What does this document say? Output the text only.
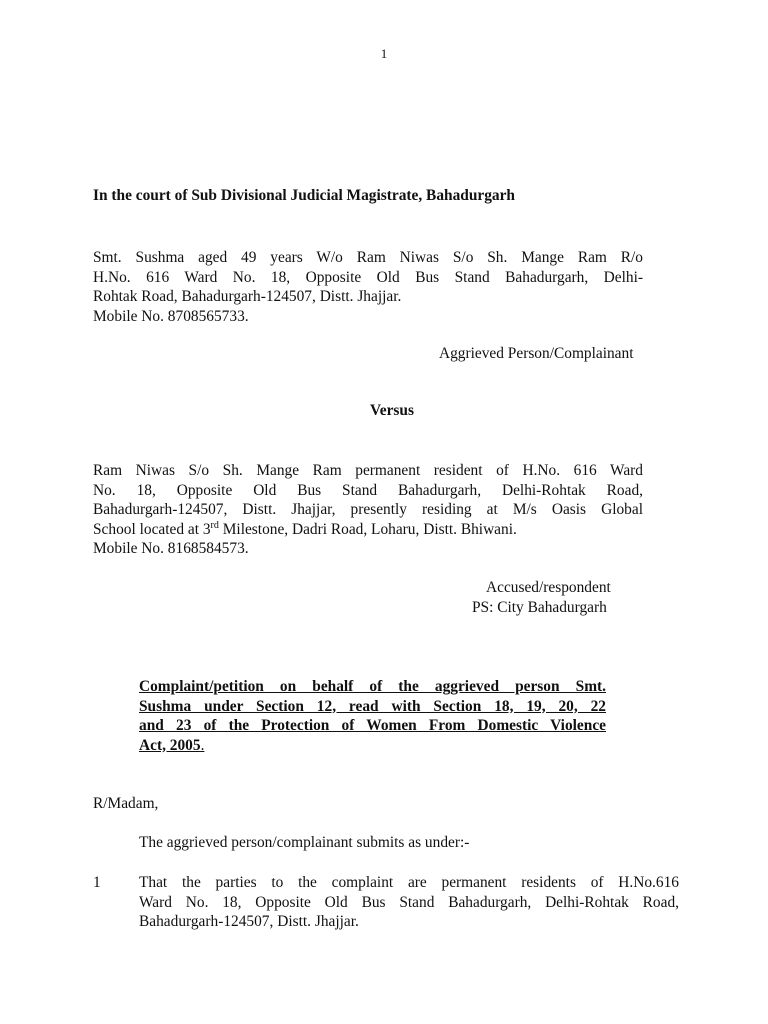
1
In the court of Sub Divisional Judicial Magistrate, Bahadurgarh
Smt. Sushma aged 49 years W/o Ram Niwas S/o Sh. Mange Ram R/o
H.No. 616 Ward No. 18, Opposite Old Bus Stand Bahadurgarh, Delhi-
Rohtak Road, Bahadurgarh-124507, Distt. Jhajjar.
Mobile No. 8708565733.
Aggrieved Person/Complainant
Versus
Ram Niwas S/o Sh. Mange Ram permanent resident of H.No. 616 Ward
No. 18, Opposite Old Bus Stand Bahadurgarh, Delhi-Rohtak Road,
Bahadurgarh-124507, Distt. Jhajjar, presently residing at M/s Oasis Global
School located at 3rd Milestone, Dadri Road, Loharu, Distt. Bhiwani.
Mobile No. 8168584573.
Accused/respondent
PS: City Bahadurgarh
Complaint/petition on behalf of the aggrieved person Smt.
Sushma under Section 12, read with Section 18, 19, 20, 22
and 23 of the Protection of Women From Domestic Violence
Act, 2005.
R/Madam,
The aggrieved person/complainant submits as under:-
1 That the parties to the complaint are permanent residents of H.No.616
Ward No. 18, Opposite Old Bus Stand Bahadurgarh, Delhi-Rohtak Road,
Bahadurgarh-124507, Distt. Jhajjar.
